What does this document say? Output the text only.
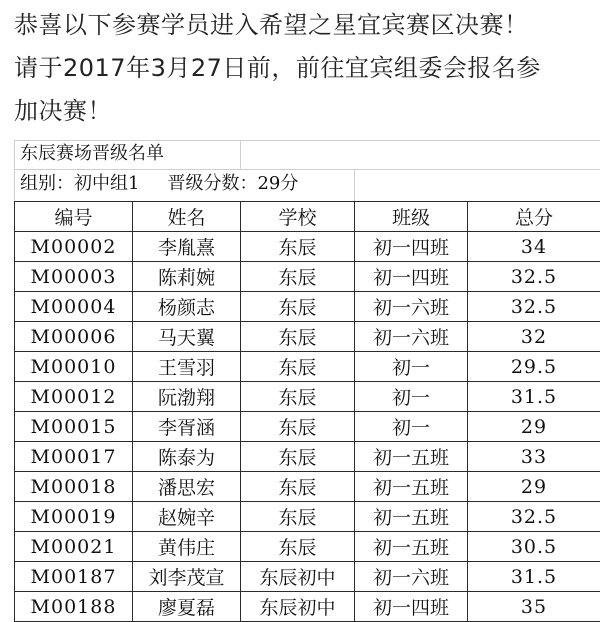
恭喜以下参赛学员进入希望之星宜宾赛区决赛！
请于2017年3月27日前，前往宜宾组委会报名参
加决赛！
东辰赛场晋级名单
组别：初中组1 晋级分数：29分
编号	姓名	学校	班级	总分
M00002	李胤熹	东辰	初一四班	34
M00003	陈莉婉	东辰	初一四班	32.5
M00004	杨颜志	东辰	初一六班	32.5
M00006	马天翼	东辰	初一六班	32
M00010	王雪羽	东辰	初一	29.5
M00012	阮渤翔	东辰	初一	31.5
M00015	李胥涵	东辰	初一	29
M00017	陈泰为	东辰	初一五班	33
M00018	潘思宏	东辰	初一五班	29
M00019	赵婉辛	东辰	初一五班	32.5
M00021	黄伟庄	东辰	初一五班	30.5
M00187	刘李茂宣	东辰初中	初一六班	31.5
M00188	廖夏磊	东辰初中	初一四班	35
